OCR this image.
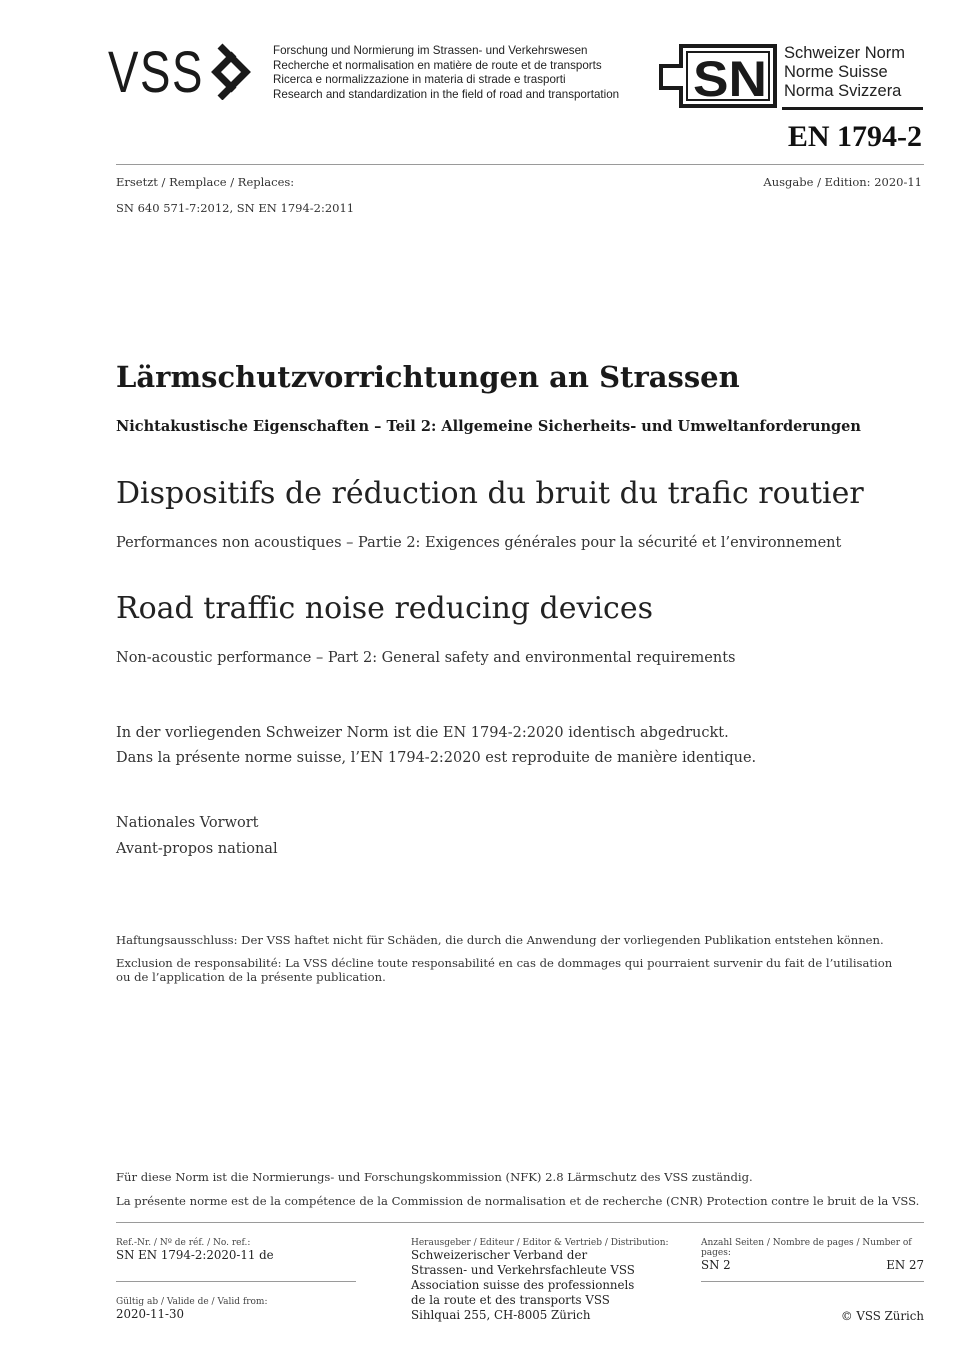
VSS	Forschung und Normierung im Strassen- und Verkehrswesen
Recherche et normalisation en matière de route et de transports
Ricerca e normalizzazione in materia di strade e trasporti
Research and standardization in the field of road and transportation SN Schweizer Norm
Norme Suisse
Norma Svizzera
EN 1794-2
Ersetzt / Remplace / Replaces:	Ausgabe / Edition: 2020-11
SN 640 571-7:2012, SN EN 1794-2:2011
Lärmschutzvorrichtungen an Strassen
Nichtakustische Eigenschaften – Teil 2: Allgemeine Sicherheits- und Umweltanforderungen
Dispositifs de réduction du bruit du trafic routier
Performances non acoustiques – Partie 2: Exigences générales pour la sécurité et l’environnement
Road traffic noise reducing devices
Non-acoustic performance – Part 2: General safety and environmental requirements
In der vorliegenden Schweizer Norm ist die EN 1794-2:2020 identisch abgedruckt.
Dans la présente norme suisse, l’EN 1794-2:2020 est reproduite de manière identique.
Nationales Vorwort
Avant-propos national
Haftungsausschluss: Der VSS haftet nicht für Schäden, die durch die Anwendung der vorliegenden Publikation entstehen können.
Exclusion de responsabilité: La VSS décline toute responsabilité en cas de dommages qui pourraient survenir du fait de l’utilisation
ou de l’application de la présente publication.
Für diese Norm ist die Normierungs- und Forschungskommission (NFK) 2.8 Lärmschutz des VSS zuständig.
La présente norme est de la compétence de la Commission de normalisation et de recherche (CNR) Protection contre le bruit de la VSS.
Ref.-Nr. / Nº de réf. / No. ref.:
SN EN 1794-2:2020-11 de
Gültig ab / Valide de / Valid from:
2020-11-30
Herausgeber / Editeur / Editor & Vertrieb / Distribution:
Schweizerischer Verband der
Strassen- und Verkehrsfachleute VSS
Association suisse des professionnels
de la route et des transports VSS
Sihlquai 255, CH-8005 Zürich
Anzahl Seiten / Nombre de pages / Number of pages:
SN 2	EN 27
© VSS Zürich
